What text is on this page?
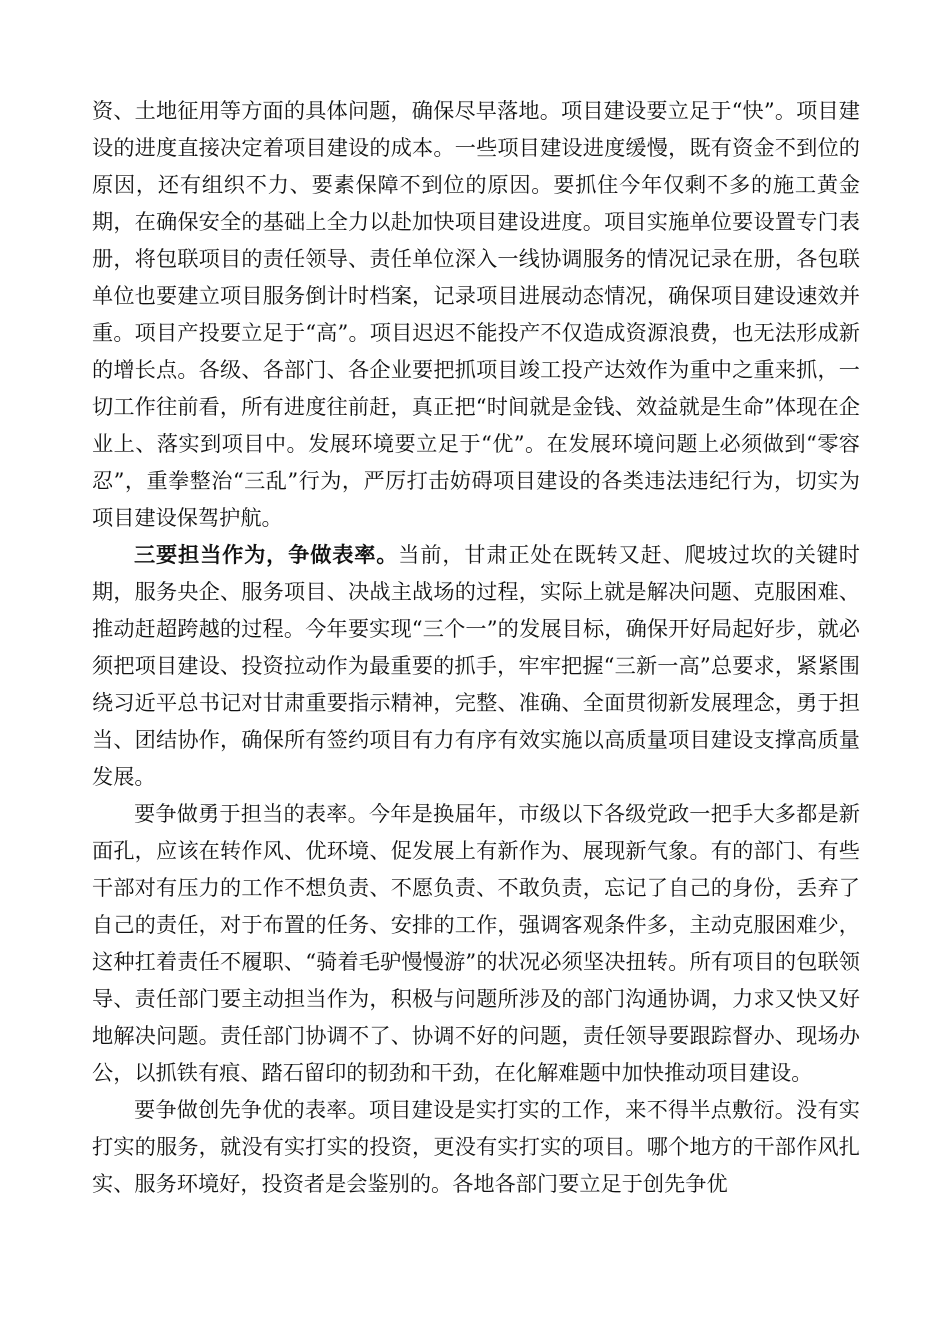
资、土地征用等方面的具体问题，确保尽早落地。项目建设要立足于“快”。项目建设的进度直接决定着项目建设的成本。一些项目建设进度缓慢，既有资金不到位的原因，还有组织不力、要素保障不到位的原因。要抓住今年仅剩不多的施工黄金期，在确保安全的基础上全力以赴加快项目建设进度。项目实施单位要设置专门表册，将包联项目的责任领导、责任单位深入一线协调服务的情况记录在册，各包联单位也要建立项目服务倒计时档案，记录项目进展动态情况，确保项目建设速效并重。项目产投要立足于“高”。项目迟迟不能投产不仅造成资源浪费，也无法形成新的增长点。各级、各部门、各企业要把抓项目竣工投产达效作为重中之重来抓，一切工作往前看，所有进度往前赶，真正把“时间就是金钱、效益就是生命”体现在企业上、落实到项目中。发展环境要立足于“优”。在发展环境问题上必须做到“零容忍”，重拳整治“三乱”行为，严厉打击妨碍项目建设的各类违法违纪行为，切实为项目建设保驾护航。

三要担当作为，争做表率。当前，甘肃正处在既转又赶、爬坡过坎的关键时期，服务央企、服务项目、决战主战场的过程，实际上就是解决问题、克服困难、推动赶超跨越的过程。今年要实现“三个一”的发展目标，确保开好局起好步，就必须把项目建设、投资拉动作为最重要的抓手，牢牢把握“三新一高”总要求，紧紧围绕习近平总书记对甘肃重要指示精神，完整、准确、全面贯彻新发展理念，勇于担当、团结协作，确保所有签约项目有力有序有效实施以高质量项目建设支撑高质量发展。

要争做勇于担当的表率。今年是换届年，市级以下各级党政一把手大多都是新面孔，应该在转作风、优环境、促发展上有新作为、展现新气象。有的部门、有些干部对有压力的工作不想负责、不愿负责、不敢负责，忘记了自己的身份，丢弃了自己的责任，对于布置的任务、安排的工作，强调客观条件多，主动克服困难少，这种扛着责任不履职、“骑着毛驴慢慢游”的状况必须坚决扭转。所有项目的包联领导、责任部门要主动担当作为，积极与问题所涉及的部门沟通协调，力求又快又好地解决问题。责任部门协调不了、协调不好的问题，责任领导要跟踪督办、现场办公，以抓铁有痕、踏石留印的韧劲和干劲，在化解难题中加快推动项目建设。

要争做创先争优的表率。项目建设是实打实的工作，来不得半点敷衍。没有实打实的服务，就没有实打实的投资，更没有实打实的项目。哪个地方的干部作风扎实、服务环境好，投资者是会鉴别的。各地各部门要立足于创先争优
